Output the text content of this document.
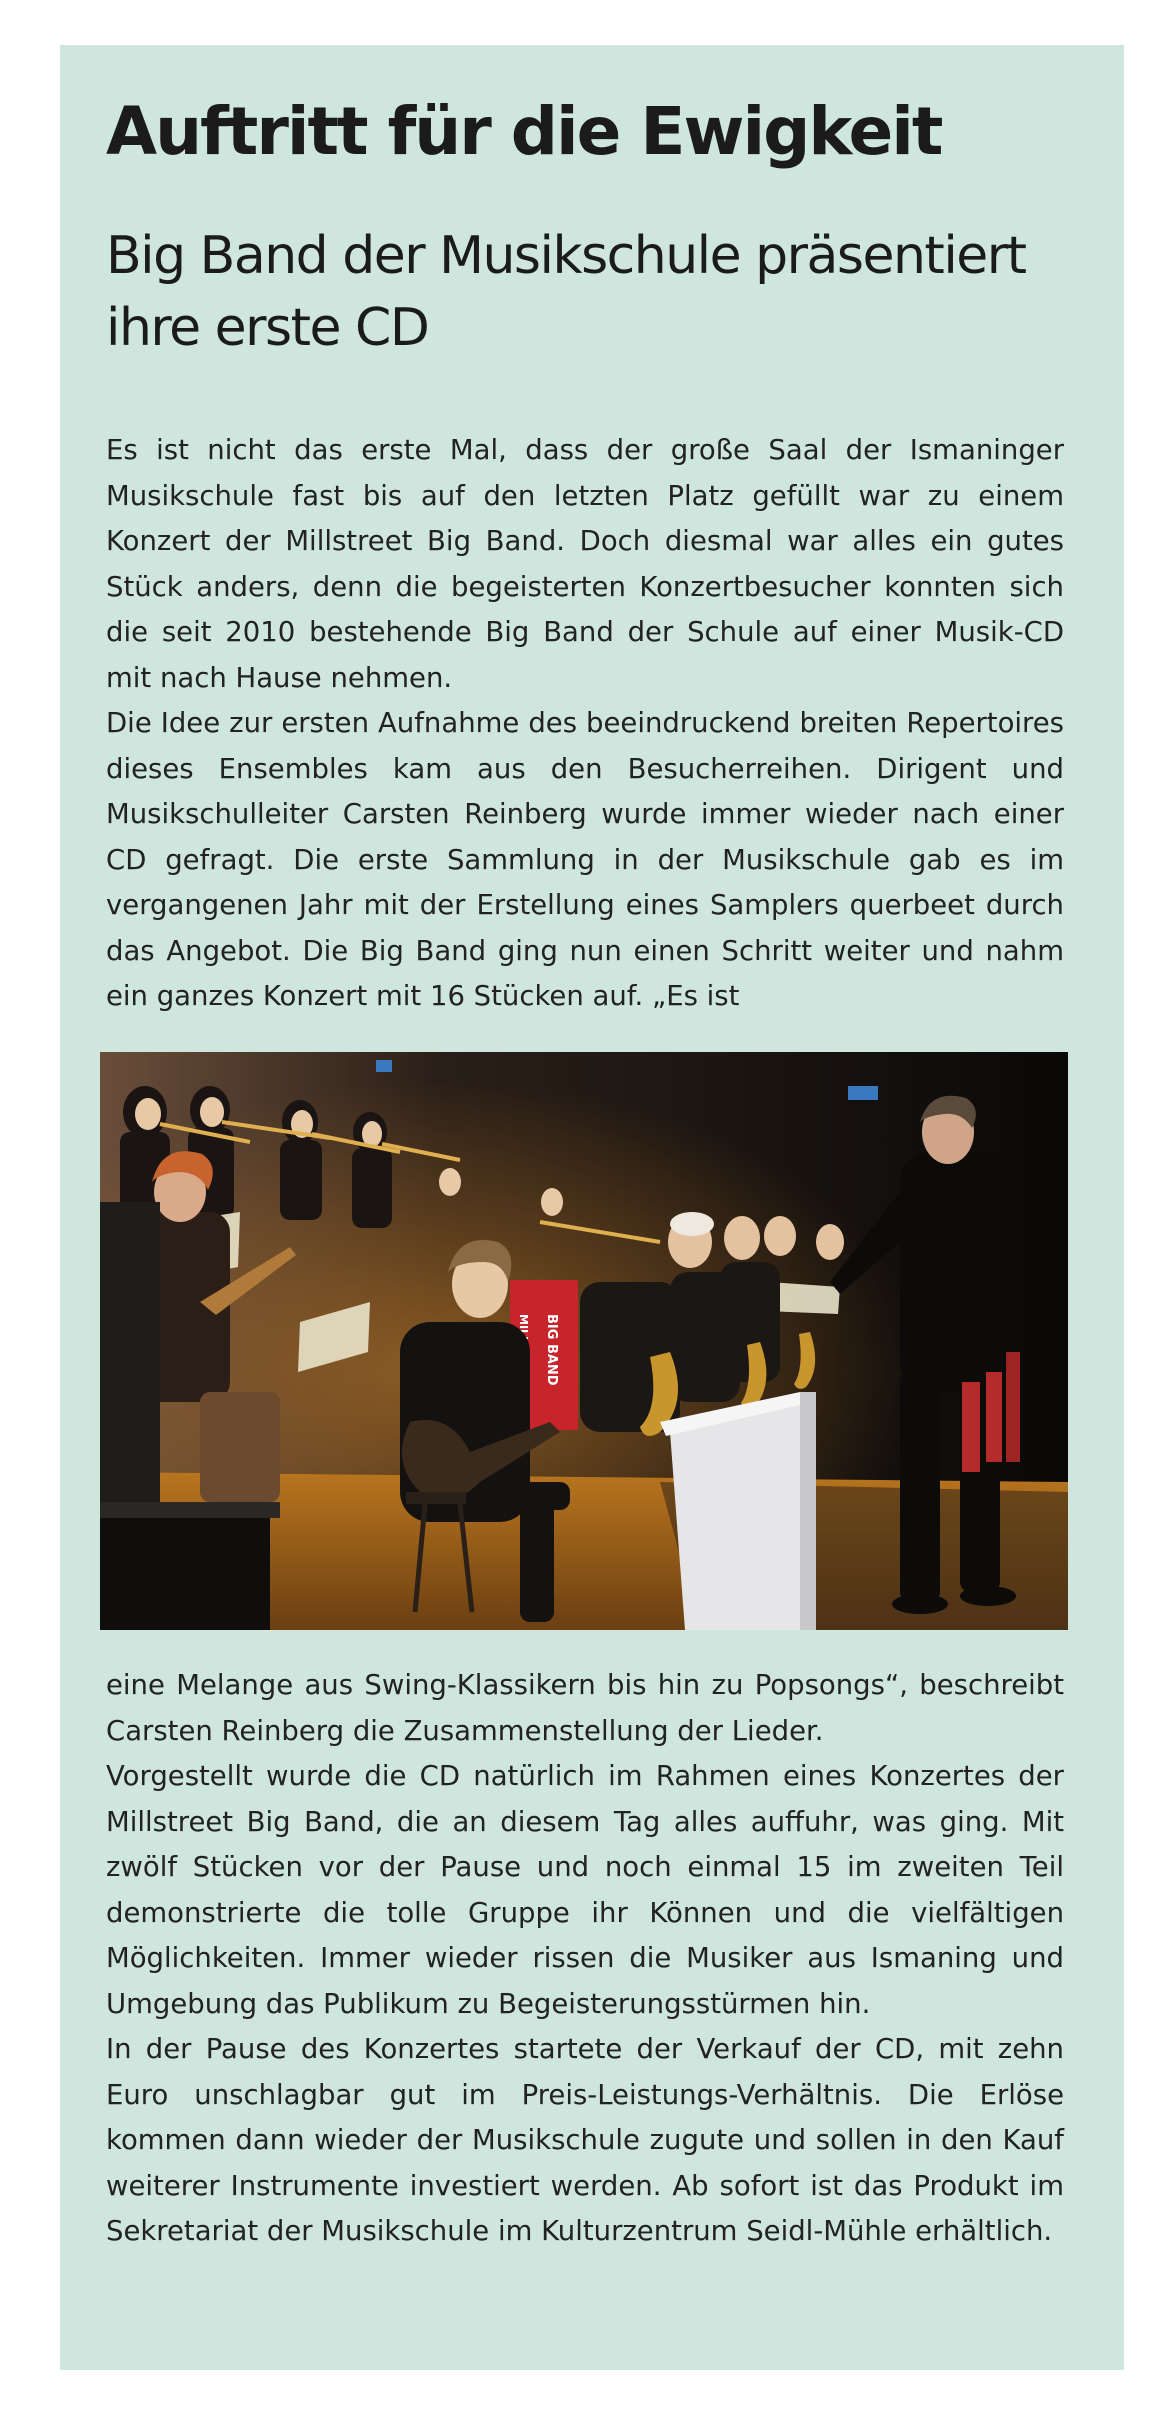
Auftritt für die Ewigkeit
Big Band der Musikschule präsentiert ihre erste CD

Es ist nicht das erste Mal, dass der große Saal der Ismaninger Musikschule fast bis auf den letzten Platz gefüllt war zu einem Konzert der Millstreet Big Band. Doch diesmal war alles ein gutes Stück anders, denn die begeisterten Konzertbesucher konnten sich die seit 2010 bestehende Big Band der Schule auf einer Musik-CD mit nach Hause nehmen.

Die Idee zur ersten Aufnahme des beeindruckend breiten Repertoires dieses Ensembles kam aus den Besucherreihen. Dirigent und Musikschulleiter Carsten Reinberg wurde immer wieder nach einer CD gefragt. Die erste Sammlung in der Musikschule gab es im vergangenen Jahr mit der Erstellung eines Samplers querbeet durch das Angebot. Die Big Band ging nun einen Schritt weiter und nahm ein ganzes Konzert mit 16 Stücken auf. „Es ist

BIG BAND

eine Melange aus Swing-Klassikern bis hin zu Popsongs“, beschreibt Carsten Reinberg die Zusammenstellung der Lieder.

Vorgestellt wurde die CD natürlich im Rahmen eines Konzertes der Millstreet Big Band, die an diesem Tag alles auffuhr, was ging. Mit zwölf Stücken vor der Pause und noch einmal 15 im zweiten Teil demonstrierte die tolle Gruppe ihr Können und die vielfältigen Möglichkeiten. Immer wieder rissen die Musiker aus Ismaning und Umgebung das Publikum zu Begeisterungsstürmen hin.

In der Pause des Konzertes startete der Verkauf der CD, mit zehn Euro unschlagbar gut im Preis-Leistungs-Verhältnis. Die Erlöse kommen dann wieder der Musikschule zugute und sollen in den Kauf weiterer Instrumente investiert werden. Ab sofort ist das Produkt im Sekretariat der Musikschule im Kulturzentrum Seidl-Mühle erhältlich.
